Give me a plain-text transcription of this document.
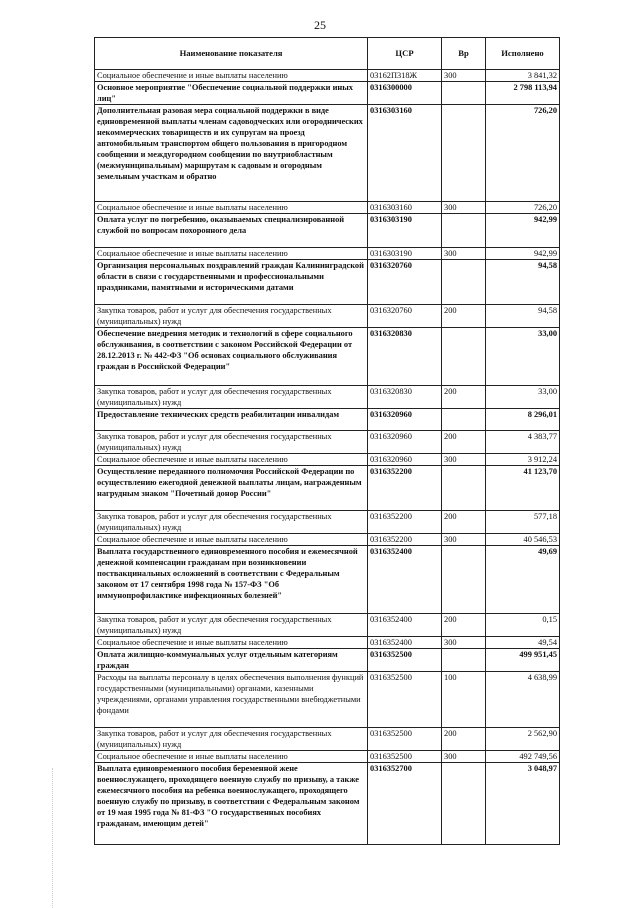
25
Наименование показателя	ЦСР	Вр	Исполнено
Социальное обеспечение и иные выплаты населению	03162П318Ж	300	3 841,32
Основное мероприятие "Обеспечение социальной поддержки иных лиц"	0316300000		2 798 113,94
Дополнительная разовая мера социальной поддержки в виде единовременной выплаты членам садоводческих или огороднических некоммерческих товариществ и их супругам на проезд автомобильным транспортом общего пользования в пригородном сообщении и междугородном сообщении по внутриобластным (межмуниципальным) маршрутам к садовым и огородным земельным участкам и обратно	0316303160		726,20
Социальное обеспечение и иные выплаты населению	0316303160	300	726,20
Оплата услуг по погребению, оказываемых специализированной службой по вопросам похоронного дела	0316303190		942,99
Социальное обеспечение и иные выплаты населению	0316303190	300	942,99
Организация персональных поздравлений граждан Калининградской области в связи с государственными и профессиональными праздниками, памятными и историческими датами	0316320760		94,58
Закупка товаров, работ и услуг для обеспечения государственных (муниципальных) нужд	0316320760	200	94,58
Обеспечение внедрения методик и технологий в сфере социального обслуживания, в соответствии с законом Российской Федерации от 28.12.2013 г. № 442-ФЗ "Об основах социального обслуживания граждан в Российской Федерации"	0316320830		33,00
Закупка товаров, работ и услуг для обеспечения государственных (муниципальных) нужд	0316320830	200	33,00
Предоставление технических средств реабилитации инвалидам	0316320960		8 296,01
Закупка товаров, работ и услуг для обеспечения государственных (муниципальных) нужд	0316320960	200	4 383,77
Социальное обеспечение и иные выплаты населению	0316320960	300	3 912,24
Осуществление переданного полномочия Российской Федерации по осуществлению ежегодной денежной выплаты лицам, награжденным нагрудным знаком "Почетный донор России"	0316352200		41 123,70
Закупка товаров, работ и услуг для обеспечения государственных (муниципальных) нужд	0316352200	200	577,18
Социальное обеспечение и иные выплаты населению	0316352200	300	40 546,53
Выплата государственного единовременного пособия и ежемесячной денежной компенсации гражданам при возникновении поствакцинальных осложнений в соответствии с Федеральным законом от 17 сентября 1998 года № 157-ФЗ "Об иммунопрофилактике инфекционных болезней"	0316352400		49,69
Закупка товаров, работ и услуг для обеспечения государственных (муниципальных) нужд	0316352400	200	0,15
Социальное обеспечение и иные выплаты населению	0316352400	300	49,54
Оплата жилищно-коммунальных услуг отдельным категориям граждан	0316352500		499 951,45
Расходы на выплаты персоналу в целях обеспечения выполнения функций государственными (муниципальными) органами, казенными учреждениями, органами управления государственными внебюджетными фондами	0316352500	100	4 638,99
Закупка товаров, работ и услуг для обеспечения государственных (муниципальных) нужд	0316352500	200	2 562,90
Социальное обеспечение и иные выплаты населению	0316352500	300	492 749,56
Выплата единовременного пособия беременной жене военнослужащего, проходящего военную службу по призыву, а также ежемесячного пособия на ребенка военнослужащего, проходящего военную службу по призыву, в соответствии с Федеральным законом от 19 мая 1995 года № 81-ФЗ "О государственных пособиях гражданам, имеющим детей"	0316352700		3 048,97
